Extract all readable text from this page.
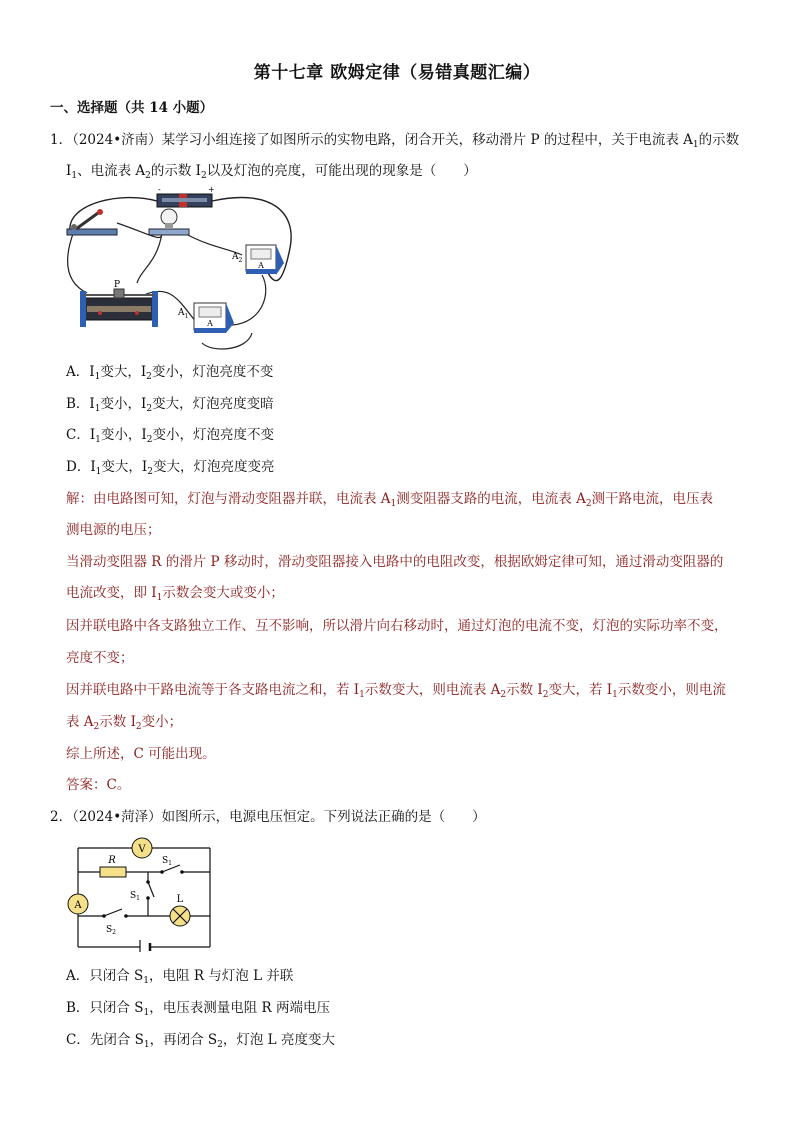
第十七章 欧姆定律（易错真题汇编）
一、选择题（共 14 小题）
1．（2024•济南）某学习小组连接了如图所示的实物电路，闭合开关，移动滑片 P 的过程中，关于电流表 $A_1$的示数
$I_1$、电流表 $A_2$的示数 $I_2$以及灯泡的亮度，可能出现的现象是（　　）
-	+
A
$A_2$
P
A
$A_1$
A．$I_1$变大，$I_2$变小，灯泡亮度不变
B．$I_1$变小，$I_2$变大，灯泡亮度变暗
C．$I_1$变小，$I_2$变小，灯泡亮度不变
D．$I_1$变大，$I_2$变大，灯泡亮度变亮
解：由电路图可知，灯泡与滑动变阻器并联，电流表 $A_1$测变阻器支路的电流，电流表 $A_2$测干路电流，电压表
测电源的电压；
当滑动变阻器 R 的滑片 P 移动时，滑动变阻器接入电路中的电阻改变，根据欧姆定律可知，通过滑动变阻器的
电流改变，即 $I_1$示数会变大或变小；
因并联电路中各支路独立工作、互不影响，所以滑片向右移动时，通过灯泡的电流不变，灯泡的实际功率不变，
亮度不变；
因并联电路中干路电流等于各支路电流之和，若 $I_1$示数变大，则电流表 $A_2$示数 $I_2$变大，若 $I_1$示数变小，则电流
表 $A_2$示数 $I_2$变小；
综上所述，C 可能出现。
答案：C。
2．（2024•菏泽）如图所示，电源电压恒定。下列说法正确的是（　　）
V
A
R	$S_1$
$S_1$
$S_2$
L
A．只闭合 $S_1$，电阻 R 与灯泡 L 并联
B．只闭合 $S_1$，电压表测量电阻 R 两端电压
C．先闭合 $S_1$，再闭合 $S_2$，灯泡 L 亮度变大
